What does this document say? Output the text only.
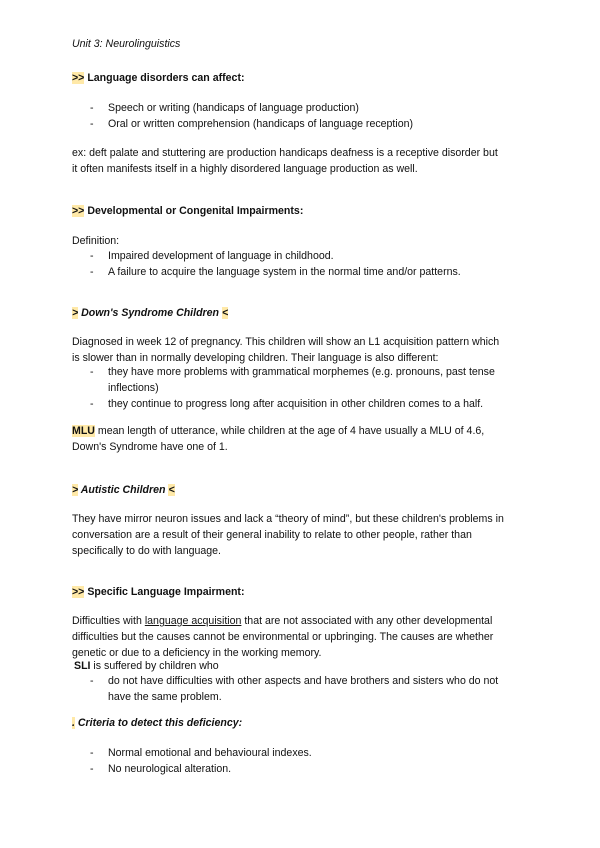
Unit 3: Neurolinguistics
>> Language disorders can affect:
- Speech or writing (handicaps of language production)
- Oral or written comprehension (handicaps of language reception)
ex: deft palate and stuttering are production handicaps deafness is a receptive disorder but
it often manifests itself in a highly disordered language production as well.
>> Developmental or Congenital Impairments:
Definition:
- Impaired development of language in childhood.
- A failure to acquire the language system in the normal time and/or patterns.
> Down's Syndrome Children <
Diagnosed in week 12 of pregnancy. This children will show an L1 acquisition pattern which
is slower than in normally developing children. Their language is also different:
- they have more problems with grammatical morphemes (e.g. pronouns, past tense
inflections)
- they continue to progress long after acquisition in other children comes to a half.
MLU mean length of utterance, while children at the age of 4 have usually a MLU of 4.6,
Down's Syndrome have one of 1.
> Autistic Children <
They have mirror neuron issues and lack a “theory of mind”, but these children's problems in
conversation are a result of their general inability to relate to other people, rather than
specifically to do with language.
>> Specific Language Impairment:
Difficulties with language acquisition that are not associated with any other developmental
difficulties but the causes cannot be environmental or upbringing. The causes are whether
genetic or due to a deficiency in the working memory.
SLI is suffered by children who
- do not have difficulties with other aspects and have brothers and sisters who do not
have the same problem.
. Criteria to detect this deficiency:
- Normal emotional and behavioural indexes.
- No neurological alteration.
